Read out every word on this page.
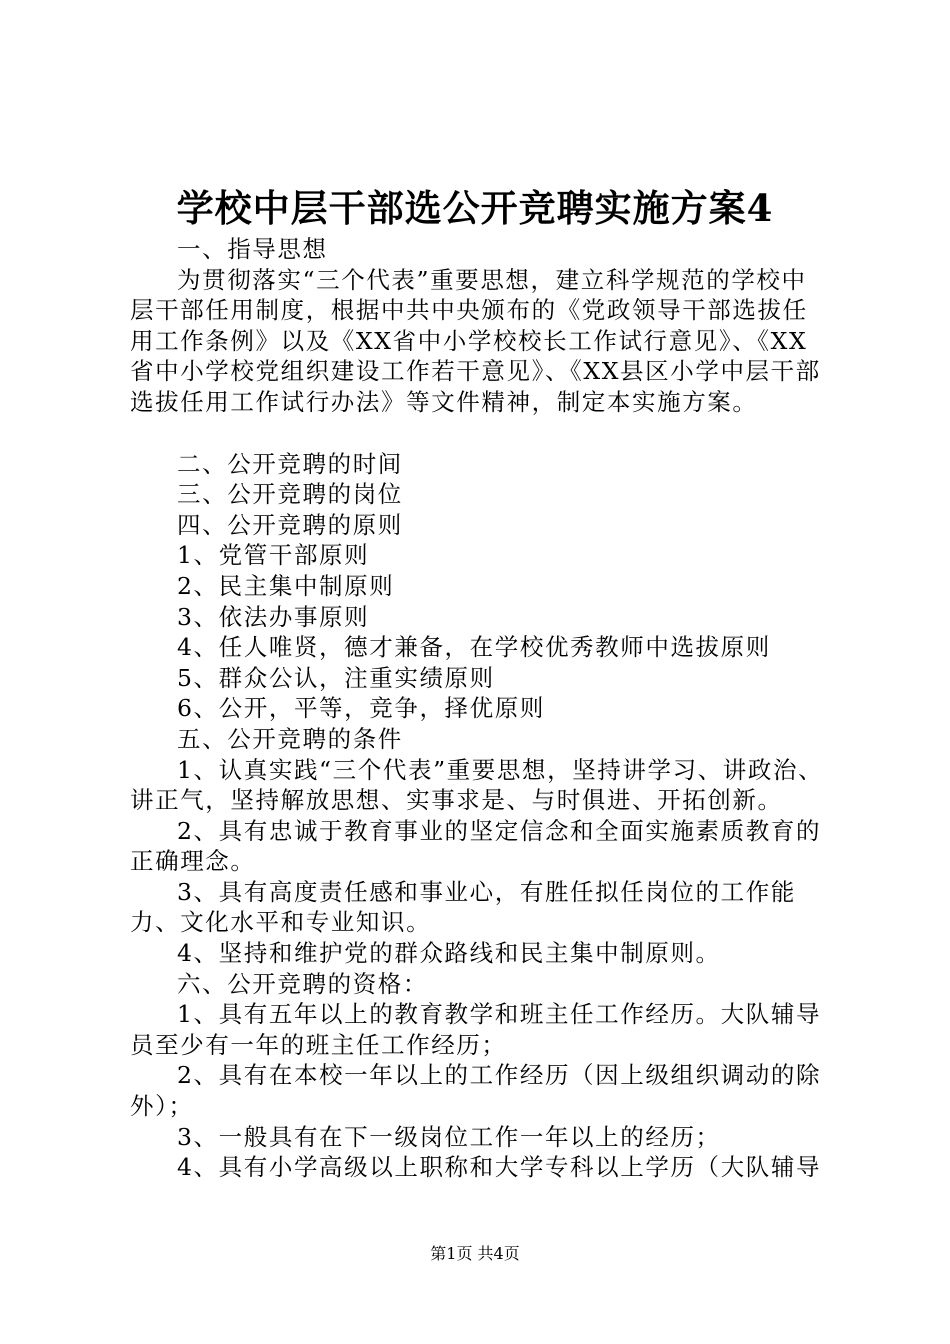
学校中层干部选公开竞聘实施方案4

一、指导思想

为贯彻落实“三个代表”重要思想，建立科学规范的学校中层干部任用制度，根据中共中央颁布的《党政领导干部选拔任用工作条例》以及《XX省中小学校校长工作试行意见》、《XX省中小学校党组织建设工作若干意见》、《XX县区小学中层干部选拔任用工作试行办法》等文件精神，制定本实施方案。

二、公开竞聘的时间

三、公开竞聘的岗位

四、公开竞聘的原则

1、党管干部原则

2、民主集中制原则

3、依法办事原则

4、任人唯贤，德才兼备，在学校优秀教师中选拔原则

5、群众公认，注重实绩原则

6、公开，平等，竞争，择优原则

五、公开竞聘的条件

1、认真实践“三个代表”重要思想，坚持讲学习、讲政治、讲正气，坚持解放思想、实事求是、与时俱进、开拓创新。

2、具有忠诚于教育事业的坚定信念和全面实施素质教育的正确理念。

3、具有高度责任感和事业心，有胜任拟任岗位的工作能力、文化水平和专业知识。

4、坚持和维护党的群众路线和民主集中制原则。

六、公开竞聘的资格：

1、具有五年以上的教育教学和班主任工作经历。大队辅导员至少有一年的班主任工作经历；

2、具有在本校一年以上的工作经历（因上级组织调动的除外）；

3、一般具有在下一级岗位工作一年以上的经历；

4、具有小学高级以上职称和大学专科以上学历（大队辅导

第1页 共4页
